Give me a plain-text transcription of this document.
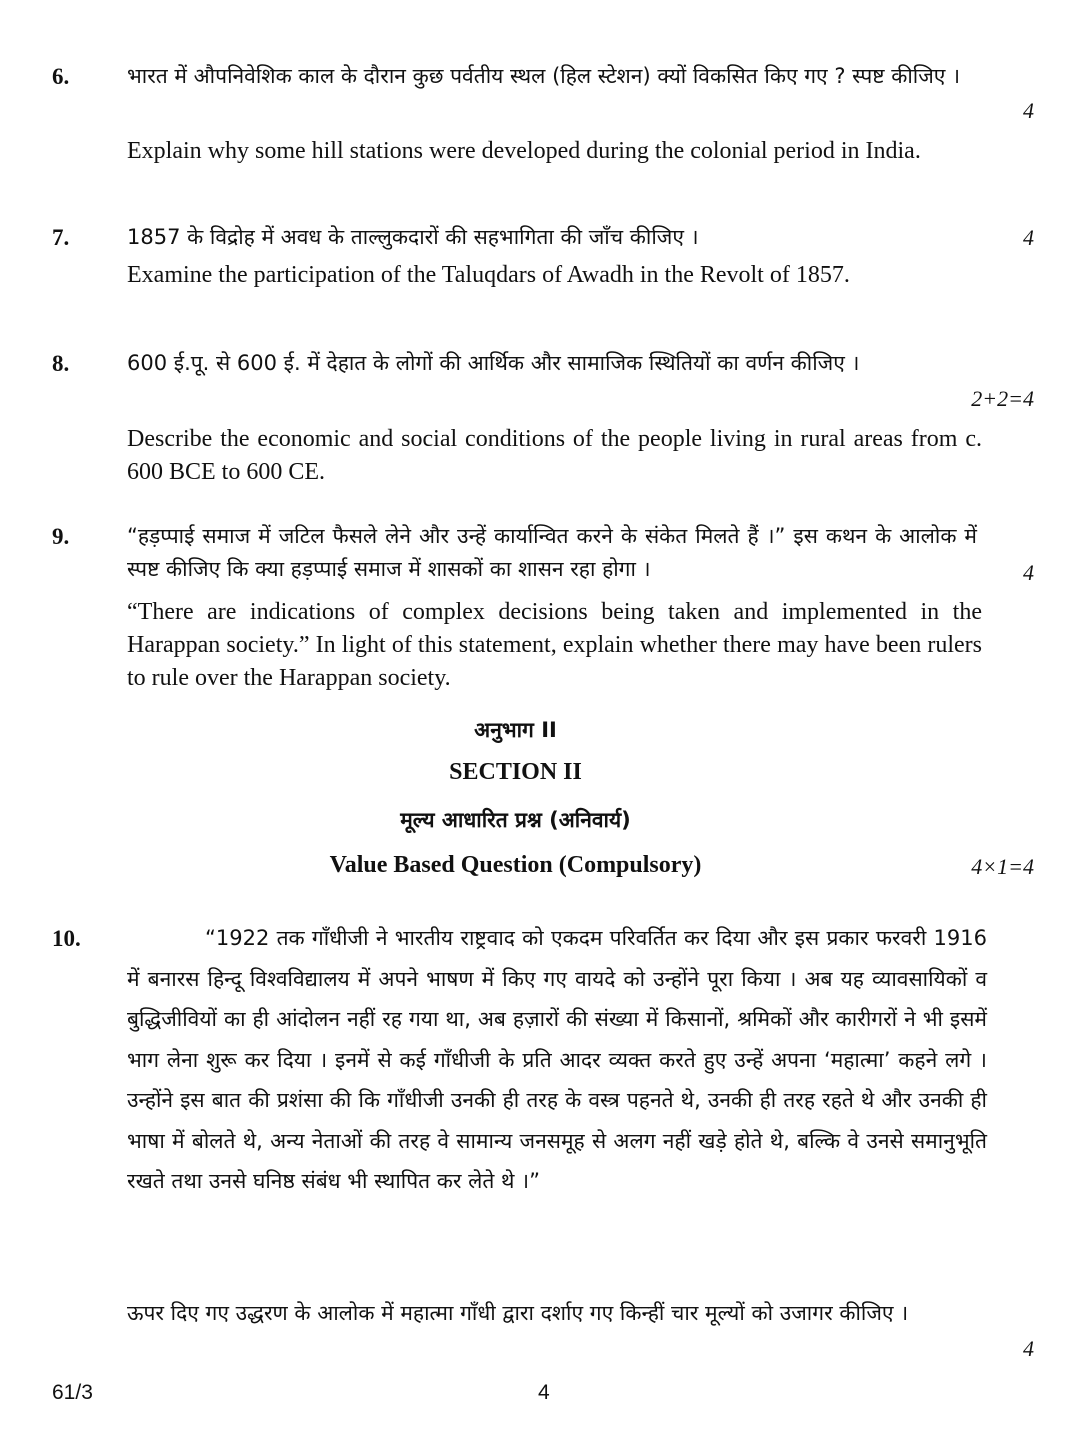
6.	भारत में औपनिवेशिक काल के दौरान कुछ पर्वतीय स्थल (हिल स्टेशन) क्यों विकसित किए गए ? स्पष्ट कीजिए ।
4
Explain why some hill stations were developed during the colonial period in India.
7.	1857 के विद्रोह में अवध के ताल्लुकदारों की सहभागिता की जाँच कीजिए ।	4
Examine the participation of the Taluqdars of Awadh in the Revolt of 1857.
8.	600 ई.पू. से 600 ई. में देहात के लोगों की आर्थिक और सामाजिक स्थितियों का वर्णन कीजिए ।
2+2=4
Describe the economic and social conditions of the people living in rural areas from c. 600 BCE to 600 CE.
9.	“हड़प्पाई समाज में जटिल फैसले लेने और उन्हें कार्यान्वित करने के संकेत मिलते हैं ।” इस कथन के आलोक में स्पष्ट कीजिए कि क्या हड़प्पाई समाज में शासकों का शासन रहा होगा ।	4
“There are indications of complex decisions being taken and implemented in the Harappan society.” In light of this statement, explain whether there may have been rulers to rule over the Harappan society.
अनुभाग II
SECTION II
मूल्य आधारित प्रश्न (अनिवार्य)
Value Based Question (Compulsory)	4×1=4
10.	“1922 तक गाँधीजी ने भारतीय राष्ट्रवाद को एकदम परिवर्तित कर दिया और इस प्रकार फरवरी 1916 में बनारस हिन्दू विश्वविद्यालय में अपने भाषण में किए गए वायदे को उन्होंने पूरा किया । अब यह व्यावसायिकों व बुद्धिजीवियों का ही आंदोलन नहीं रह गया था, अब हज़ारों की संख्या में किसानों, श्रमिकों और कारीगरों ने भी इसमें भाग लेना शुरू कर दिया । इनमें से कई गाँधीजी के प्रति आदर व्यक्त करते हुए उन्हें अपना ‘महात्मा’ कहने लगे । उन्होंने इस बात की प्रशंसा की कि गाँधीजी उनकी ही तरह के वस्त्र पहनते थे, उनकी ही तरह रहते थे और उनकी ही भाषा में बोलते थे, अन्य नेताओं की तरह वे सामान्य जनसमूह से अलग नहीं खड़े होते थे, बल्कि वे उनसे समानुभूति रखते तथा उनसे घनिष्ठ संबंध भी स्थापित कर लेते थे ।”
ऊपर दिए गए उद्धरण के आलोक में महात्मा गाँधी द्वारा दर्शाए गए किन्हीं चार मूल्यों को उजागर कीजिए ।
4
61/3	4
